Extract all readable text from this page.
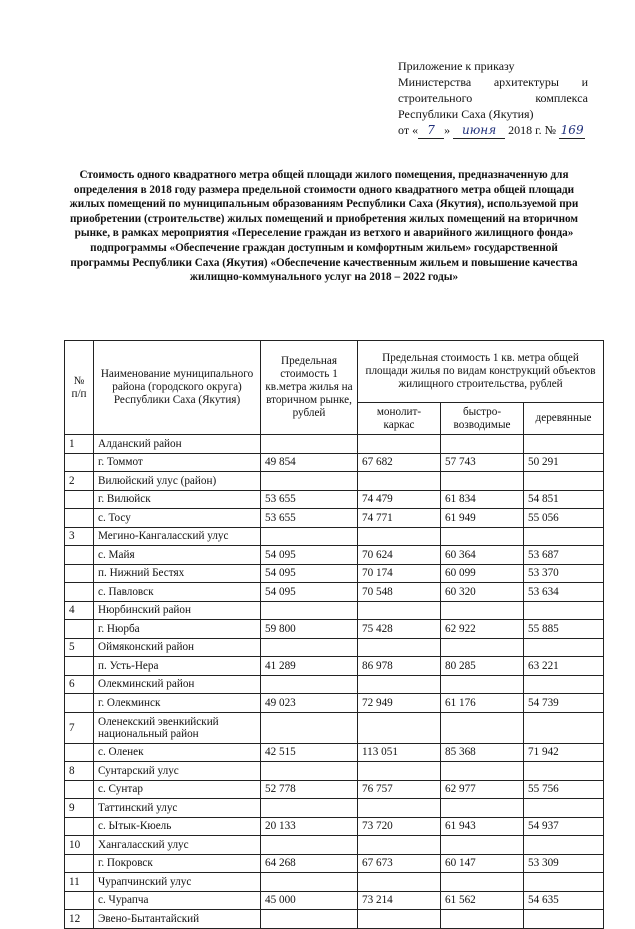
Приложение к приказу
Министерства архитектуры и
строительного комплекса
Республики Саха (Якутия)
от « 7 » июня 2018 г. № 169
Стоимость одного квадратного метра общей площади жилого помещения, предназначенную для определения в 2018 году размера предельной стоимости одного квадратного метра общей площади жилых помещений по муниципальным образованиям Республики Саха (Якутия), используемой при приобретении (строительстве) жилых помещений и приобретения жилых помещений на вторичном рынке, в рамках мероприятия «Переселение граждан из ветхого и аварийного жилищного фонда» подпрограммы «Обеспечение граждан доступным и комфортным жильем» государственной программы Республики Саха (Якутия) «Обеспечение качественным жильем и повышение качества жилищно-коммунального услуг на 2018 – 2022 годы»
№ п/п	Наименование муниципального района (городского округа) Республики Саха (Якутия)	Предельная стоимость 1 кв.метра жилья на вторичном рынке, рублей	Предельная стоимость 1 кв. метра общей площади жилья по видам конструкций объектов жилищного строительства, рублей		
			монолит-каркас	быстро-возводимые	деревянные
1	Алданский район				
	г. Томмот	49 854	67 682	57 743	50 291
2	Вилюйский улус (район)				
	г. Вилюйск	53 655	74 479	61 834	54 851
	с. Тосу	53 655	74 771	61 949	55 056
3	Мегино-Кангаласский улус				
	с. Майя	54 095	70 624	60 364	53 687
	п. Нижний Бестях	54 095	70 174	60 099	53 370
	с. Павловск	54 095	70 548	60 320	53 634
4	Нюрбинский район				
	г. Нюрба	59 800	75 428	62 922	55 885
5	Оймяконский район				
	п. Усть-Нера	41 289	86 978	80 285	63 221
6	Олекминский район				
	г. Олекминск	49 023	72 949	61 176	54 739
7	Оленекский эвенкийский национальный район				
	с. Оленек	42 515	113 051	85 368	71 942
8	Сунтарский улус				
	с. Сунтар	52 778	76 757	62 977	55 756
9	Таттинский улус				
	с. Ытык-Кюель	20 133	73 720	61 943	54 937
10	Хангаласский улус				
	г. Покровск	64 268	67 673	60 147	53 309
11	Чурапчинский улус				
	с. Чурапча	45 000	73 214	61 562	54 635
12	Эвено-Бытантайский				
